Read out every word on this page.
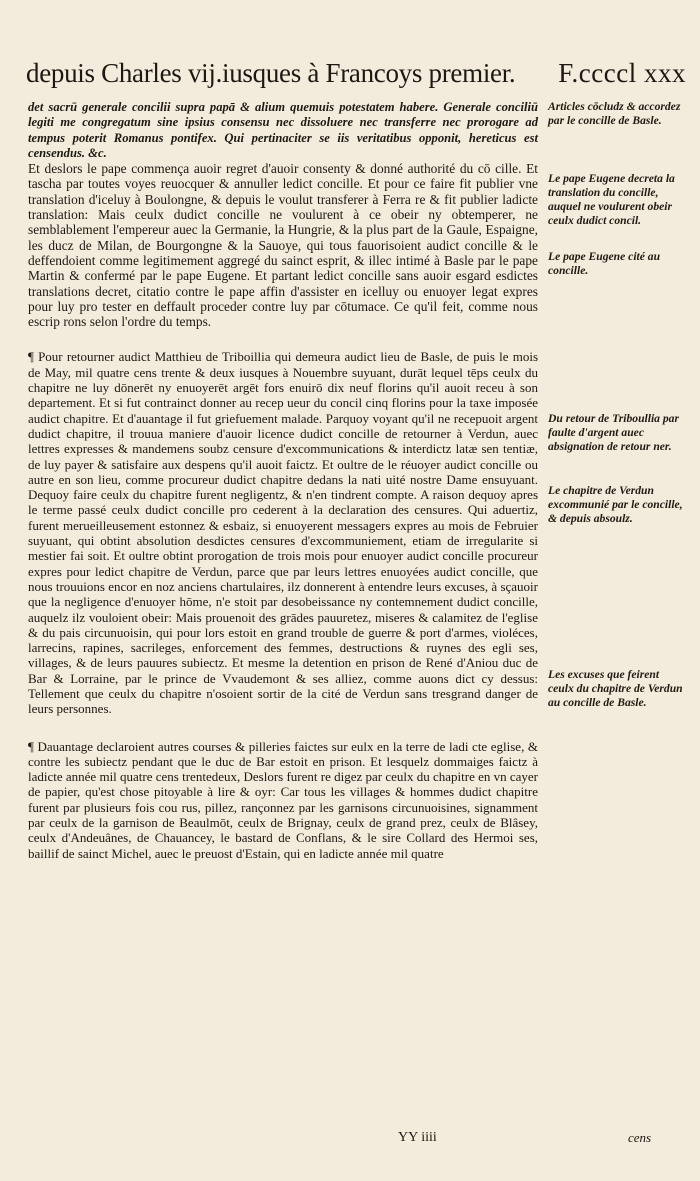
depuis Charles vij.iusques à Francoys premier. F.ccccl xxx

det sacrū generale concilii supra papā & alium quemuis potestatem habere. Generale conciliū legiti me congregatum sine ipsius consensu nec dissoluere nec transferre nec prorogare ad tempus poterit Romanus pontifex. Qui pertinaciter se iis veritatibus opponit, hereticus est censendus. &c.

Et deslors le pape commença auoir regret d'auoir consenty & donné authorité du cō cille. Et tascha par toutes voyes reuocquer & annuller ledict concille. Et pour ce faire fit publier vne translation d'iceluy à Boulongne, & depuis le voulut transferer à Ferra re & fit publier ladicte translation: Mais ceulx dudict concille ne voulurent à ce obeir ny obtemperer, ne semblablement l'empereur auec la Germanie, la Hungrie, & la plus part de la Gaule, Espaigne, les ducz de Milan, de Bourgongne & la Sauoye, qui tous fauorisoient audict concille & le deffendoient comme legitimement aggregé du sainct esprit, & illec intimé à Basle par le pape Martin & confermé par le pape Eugene. Et partant ledict concille sans auoir esgard esdictes translations decret, citatio contre le pape affin d'assister en icelluy ou enuoyer legat expres pour luy pro tester en deffault proceder contre luy par cōtumace. Ce qu'il feit, comme nous escrip rons selon l'ordre du temps.

¶ Pour retourner audict Matthieu de Triboillia qui demeura audict lieu de Basle, de puis le mois de May, mil quatre cens trente & deux iusques à Nouembre suyuant, durāt lequel tēps ceulx du chapitre ne luy dōnerēt ny enuoyerēt argēt fors enuirō dix neuf florins qu'il auoit receu à son departement. Et si fut contrainct donner au recep ueur du concil cinq florins pour la taxe imposée audict chapitre. Et d'auantage il fut griefuement malade. Parquoy voyant qu'il ne recepuoit argent dudict chapitre, il trouua maniere d'auoir licence dudict concille de retourner à Verdun, auec lettres expresses & mandemens soubz censure d'excommunications & interdictz latæ sen tentiæ, de luy payer & satisfaire aux despens qu'il auoit faictz. Et oultre de le réuoyer audict concille ou autre en son lieu, comme procureur dudict chapitre dedans la nati uité nostre Dame ensuyuant. Dequoy faire ceulx du chapitre furent negligentz, & n'en tindrent compte. A raison dequoy apres le terme passé ceulx dudict concille pro cederent à la declaration des censures. Qui aduertiz, furent merueilleusement estonnez & esbaiz, si enuoyerent messagers expres au mois de Februier suyuant, qui obtint absolution desdictes censures d'excommuniement, etiam de irregularite si mestier fai soit. Et oultre obtint prorogation de trois mois pour enuoyer audict concille procureur expres pour ledict chapitre de Verdun, parce que par leurs lettres enuoyées audict concille, que nous trouuions encor en noz anciens chartulaires, ilz donnerent à entendre leurs excuses, à sçauoir que la negligence d'enuoyer hōme, n'e stoit par desobeissance ny contemnement dudict concille, auquelz ilz vouloient obeir: Mais prouenoit des grādes pauuretez, miseres & calamitez de l'eglise & du pais circunuoisin, qui pour lors estoit en grand trouble de guerre & port d'armes, violéces, larrecins, rapines, sacrileges, enforcement des femmes, destructions & ruynes des egli ses, villages, & de leurs pauures subiectz. Et mesme la detention en prison de René d'Aniou duc de Bar & Lorraine, par le prince de Vvaudemont & ses alliez, comme auons dict cy dessus: Tellement que ceulx du chapitre n'osoient sortir de la cité de Verdun sans tresgrand danger de leurs personnes.

¶ Dauantage declaroient autres courses & pilleries faictes sur eulx en la terre de ladi cte eglise, & contre les subiectz pendant que le duc de Bar estoit en prison. Et lesquelz dommaiges faictz à ladicte année mil quatre cens trentedeux, Deslors furent re digez par ceulx du chapitre en vn cayer de papier, qu'est chose pitoyable à lire & oyr: Car tous les villages & hommes dudict chapitre furent par plusieurs fois cou rus, pillez, rançonnez par les garnisons circunuoisines, signamment par ceulx de la garnison de Beaulmōt, ceulx de Brignay, ceulx de grand prez, ceulx de Blâsey, ceulx d'Andeuânes, de Chauancey, le bastard de Conflans, & le sire Collard des Hermoi ses, baillif de sainct Michel, auec le preuost d'Estain, qui en ladicte année mil quatre

Articles cōcludz & accordez par le concille de Basle.
Le pape Eugene decreta la translation du concille, auquel ne voulurent obeir ceulx dudict concil.
Le pape Eugene cité au concille.
Du retour de Triboullia par faulte d'argent auec absignation de retour ner.
Le chapitre de Verdun excommunié par le concille, & depuis absoulz.
Les excuses que feirent ceulx du chapitre de Verdun au concille de Basle.
YY iiii	cens
